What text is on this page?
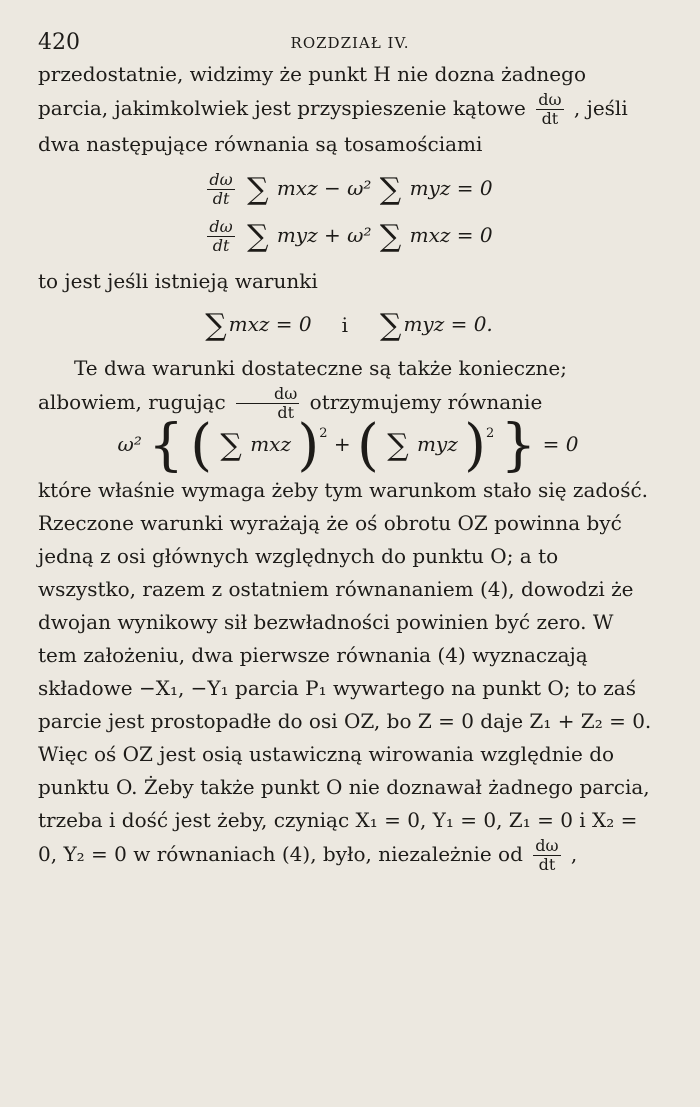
420	ROZDZIAŁ IV.

przedostatnie, widzimy że punkt H nie dozna żadnego parcia, jakimkolwiek jest przyspieszenie kątowe $\frac{d\omega}{dt}$ , jeśli dwa następujące równania są tosamościami

$\frac{d\omega}{dt}$ ∑ mxz − ω² ∑ myz = 0
$\frac{d\omega}{dt}$ ∑ myz + ω² ∑ mxz = 0

to jest jeśli istnieją warunki

∑ mxz = 0 i ∑ myz = 0.

Te dwa warunki dostateczne są także konieczne; albowiem, rugując $\frac{d\omega}{dt}$ otrzymujemy równanie

ω² { ( ∑ mxz )$^2$ + ( ∑ myz )$^2$ } = 0

które właśnie wymaga żeby tym warunkom stało się zadość. Rzeczone warunki wyrażają że oś obrotu OZ powinna być jedną z osi głównych względnych do punktu O; a to wszystko, razem z ostatniem równananiem (4), dowodzi że dwojan wynikowy sił bezwładności powinien być zero. W tem założeniu, dwa pierwsze równania (4) wyznaczają składowe −X₁, −Y₁ parcia P₁ wywartego na punkt O; to zaś parcie jest prostopadłe do osi OZ, bo Z = 0 daje Z₁ + Z₂ = 0. Więc oś OZ jest osią ustawiczną wirowania względnie do punktu O. Żeby także punkt O nie doznawał żadnego parcia, trzeba i dość jest żeby, czyniąc X₁ = 0, Y₁ = 0, Z₁ = 0 i X₂ = 0, Y₂ = 0 w równaniach (4), było, niezależnie od $\frac{d\omega}{dt}$ ,
